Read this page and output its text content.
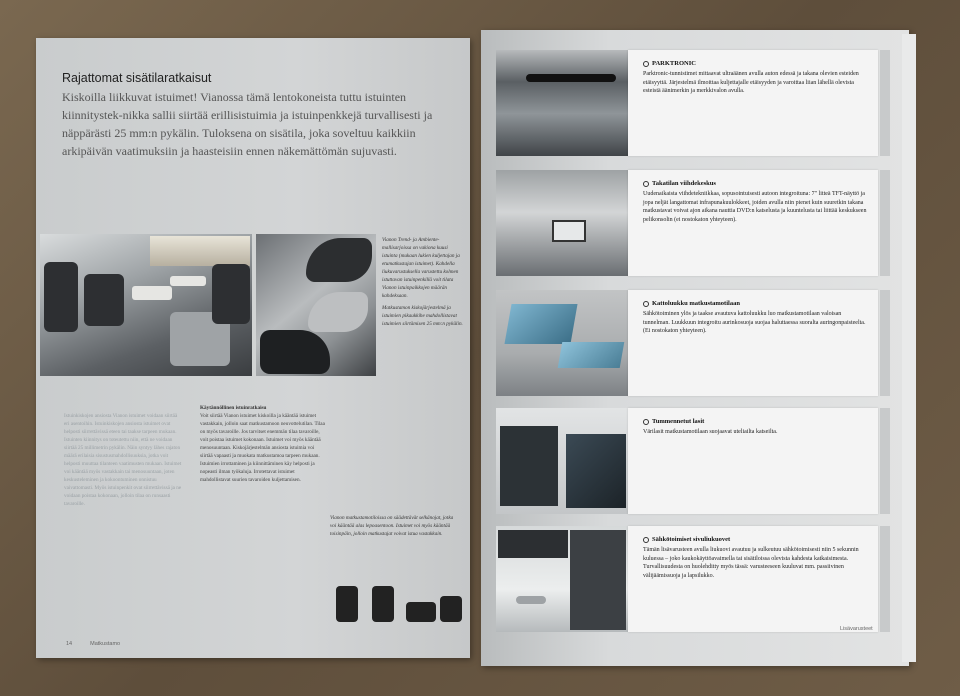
Rajattomat sisätilaratkaisut
Kiskoilla liikkuvat istuimet! Vianossa tämä lentokoneista tuttu istuinten kiinnitystek-nikka sallii siirtää erillisistuimia ja istuinpenkkejä turvallisesti ja näppärästi 25 mm:n pykälin. Tuloksena on sisätila, joka soveltuu kaikkiin arkipäivän vaatimuksiin ja haasteisiin ennen näkemättömän sujuvasti.

Vianon Trend- ja Ambiente-mallisarjoissa on vakiona kuusi istuinta (mukaan lukien kuljettajan ja etumatkustajan istuimet). Kahdella liukuvarustuksella varustettu kolmen istuttavan istuinpenkillä voit tilata Vianon istuinpaikkojen määrän kahdeksaan.

Matkustamon kiskojärjestelmä ja istuimien pikaukkihe mahdollistavat istuimien siirtämisen 25 mm:n pykälin.

Istuinkiskojen ansiosta Vianon istuimet voidaan siirtää eri asentoihin. Istuinkiskojen ansiosta istuimet ovat helposti siirrettävissä eteen tai taakse tarpeen mukaan. Istuinten kiinnitys on toteutettu niin, että ne voidaan siirtää 25 millimetrin pykälin. Näin syntyy lähes rajaton määrä erilaisia sisustusmahdollisuuksia, jotka voit helposti muuttaa tilanteen vaatimusten mukaan. Istuimet voi kääntää myös vastakkain tai menosuuntaan, joten keskusteleminen ja kokoontuminen onnistuu vaivattomasti. Myös istuinpenkit ovat siirrettävissä ja ne voidaan poistaa kokonaan, jolloin tilaa on runsaasti tavaroille.
Käytännöllinen istuinratkaisu
Voit siirtää Vianon istuimet kiskoilla ja kääntää istuimet vastakkain, jolloin saat matkustamoon neuvottelutilan. Tilaa on myös tavaroille. Jos tarvitset enemmän tilaa tavaroille, voit poistaa istuimet kokonaan. Istuimet voi myös kääntää menosuuntaan. Kiskojärjestelmän ansiosta istuimia voi siirtää vapaasti ja muokata matkustamoa tarpeen mukaan. Istuimien irrottaminen ja kiinnittäminen käy helposti ja nopeasti ilman työkaluja. Irrotettavat istuimet mahdollistavat suurien tavaroiden kuljettamisen.
Vianon matkustamotiloissa on säädettävät selkänojat, jotka voi kääntää alas lepoasentoon. Istuimet voi myös kääntää toisinpäin, jolloin matkustajat voivat istua vastakkain.
14	Matkustamo
PARKTRONIC
Parktronic-tunnistimet mittaavat ultraäänen avulla auton edessä ja takana olevien esteiden etäisyyttä. Järjestelmä ilmoittaa kuljettajalle etäisyyden ja varoittaa liian lähellä olevista esteistä äänimerkin ja merkkivalon avulla.
Takatilan viihdekeskus
Uudenaikaista viihdetekniikkaa, sopusointuisesti autoon integroituna: 7" litteä TFT-näyttö ja jopa neljät langattomat infrapunakuulokkeet, joiden avulla niin pienet kuin suuretkin takana matkustavat voivat ajon aikana nauttia DVD:n katselusta ja kuuntelusta tai liittää keskukseen pelikonsolin (ei nostokaton yhteyteen).
Kattoluukku matkustamotilaan
Sähkötoiminen ylös ja taakse avautuva kattoluukku luo matkustamotilaan valoisan tunnelman. Luukkuun integroitu aurinkosuoja suojaa haluttaessa suoralta auringonpaisteelta. (Ei nostokaton yhteyteen).
Tummennetut lasit
Värilasit matkustamotilaan suojaavat uteliailta katseilta.
Sähkötoimiset sivuliukuovet
Tämän lisävarusteen avulla liukuovi avautuu ja sulkeutuu sähkötoimisesti niin 5 sekunnin kuluessa – joko kaukokäyttöavaimella tai sisätiloissa olevista kahdesta katkaisimesta. Turvallisuudesta on huolehditty myös tässä: varusteeseen kuuluvat mm. passiivinen välijäämissuoja ja lapsilukko.
Lisävarusteet
